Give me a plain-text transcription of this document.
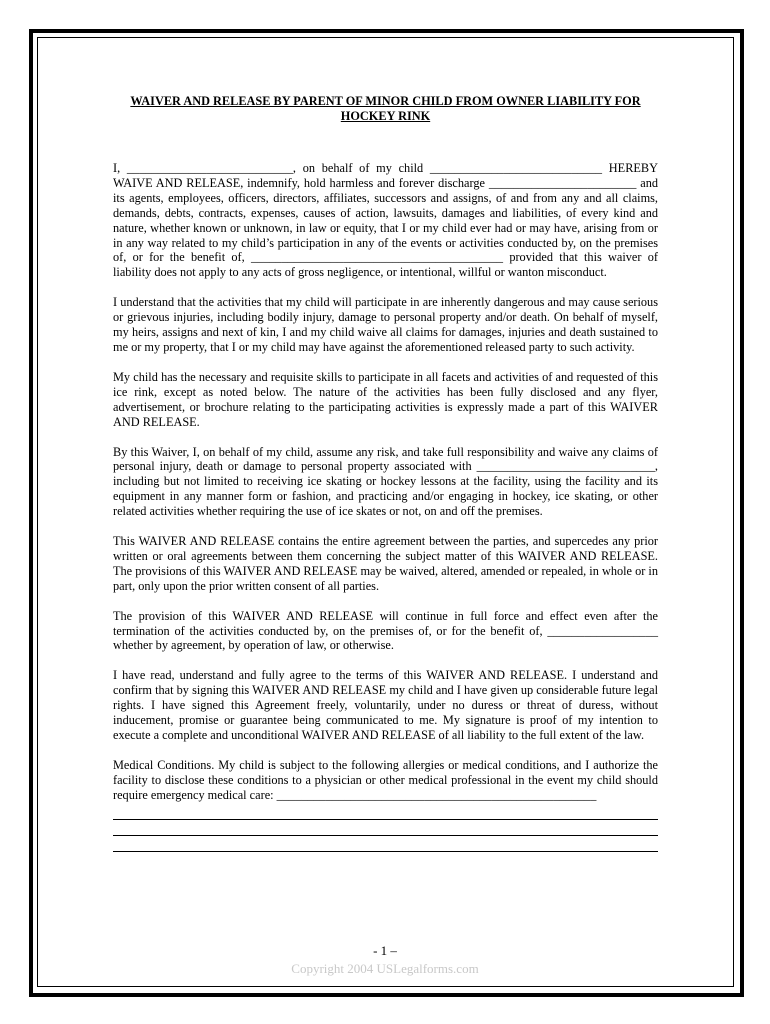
WAIVER AND RELEASE BY PARENT OF MINOR CHILD FROM OWNER LIABILITY FOR HOCKEY RINK

I, ___________________________, on behalf of my child ____________________________ HEREBY WAIVE AND RELEASE, indemnify, hold harmless and forever discharge ________________________ and its agents, employees, officers, directors, affiliates, successors and assigns, of and from any and all claims, demands, debts, contracts, expenses, causes of action, lawsuits, damages and liabilities, of every kind and nature, whether known or unknown, in law or equity, that I or my child ever had or may have, arising from or in any way related to my child’s participation in any of the events or activities conducted by, on the premises of, or for the benefit of, _________________________________________ provided that this waiver of liability does not apply to any acts of gross negligence, or intentional, willful or wanton misconduct.

I understand that the activities that my child will participate in are inherently dangerous and may cause serious or grievous injuries, including bodily injury, damage to personal property and/or death. On behalf of myself, my heirs, assigns and next of kin, I and my child waive all claims for damages, injuries and death sustained to me or my property, that I or my child may have against the aforementioned released party to such activity.

My child has the necessary and requisite skills to participate in all facets and activities of and requested of this ice rink, except as noted below. The nature of the activities has been fully disclosed and any flyer, advertisement, or brochure relating to the participating activities is expressly made a part of this WAIVER AND RELEASE.

By this Waiver, I, on behalf of my child, assume any risk, and take full responsibility and waive any claims of personal injury, death or damage to personal property associated with _____________________________, including but not limited to receiving ice skating or hockey lessons at the facility, using the facility and its equipment in any manner form or fashion, and practicing and/or engaging in hockey, ice skating, or other related activities whether requiring the use of ice skates or not, on and off the premises.

This WAIVER AND RELEASE contains the entire agreement between the parties, and supercedes any prior written or oral agreements between them concerning the subject matter of this WAIVER AND RELEASE. The provisions of this WAIVER AND RELEASE may be waived, altered, amended or repealed, in whole or in part, only upon the prior written consent of all parties.

The provision of this WAIVER AND RELEASE will continue in full force and effect even after the termination of the activities conducted by, on the premises of, or for the benefit of, __________________ whether by agreement, by operation of law, or otherwise.

I have read, understand and fully agree to the terms of this WAIVER AND RELEASE. I understand and confirm that by signing this WAIVER AND RELEASE my child and I have given up considerable future legal rights. I have signed this Agreement freely, voluntarily, under no duress or threat of duress, without inducement, promise or guarantee being communicated to me. My signature is proof of my intention to execute a complete and unconditional WAIVER AND RELEASE of all liability to the full extent of the law.

Medical Conditions. My child is subject to the following allergies or medical conditions, and I authorize the facility to disclose these conditions to a physician or other medical professional in the event my child should require emergency medical care: ____________________________________________________

- 1 –
Copyright 2004 USLegalforms.com
